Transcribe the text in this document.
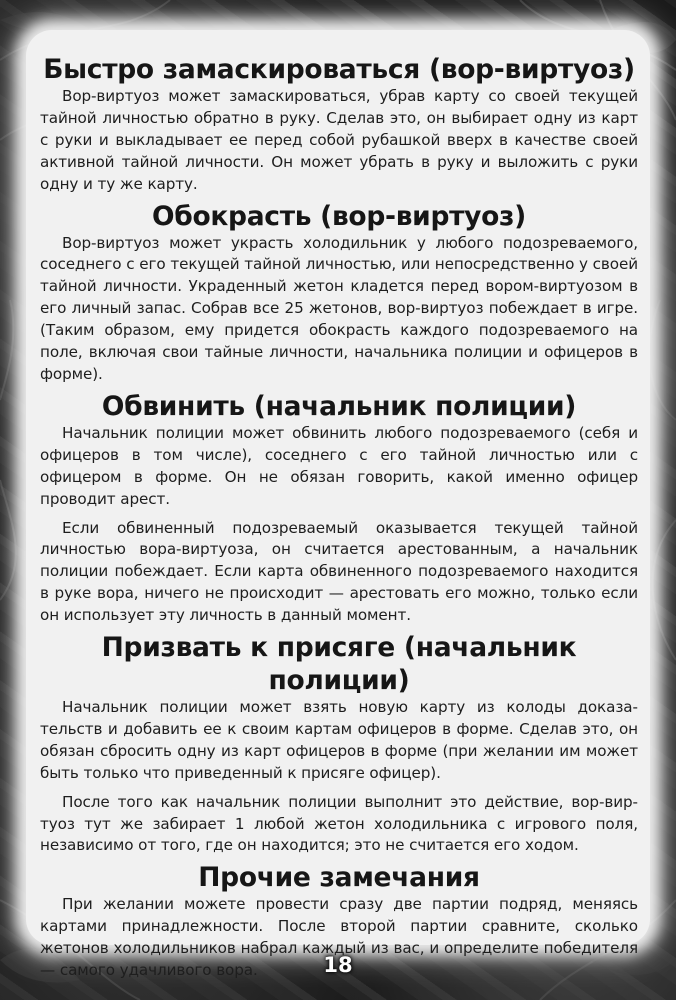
Быстро замаскироваться (вор-виртуоз)

Вор-виртуоз может замаскироваться, убрав карту со своей текущей тайной личностью обратно в руку. Сделав это, он выбирает одну из карт с руки и выкладывает ее перед собой рубашкой вверх в качестве своей активной тайной личности. Он может убрать в руку и выложить с руки одну и ту же карту.

Обокрасть (вор-виртуоз)

Вор-виртуоз может украсть холодильник у любого подозреваемого, соседнего с его текущей тайной личностью, или непосредственно у своей тайной личности. Украденный жетон кладется перед вором-виртуозом в его личный запас. Собрав все 25 жетонов, вор-виртуоз побеждает в игре. (Таким образом, ему придется обокрасть каждого подозреваемого на поле, включая свои тайные личности, начальника полиции и офицеров в форме).

Обвинить (начальник полиции)

Начальник полиции может обвинить любого подозреваемого (себя и офицеров в том числе), соседнего с его тайной личностью или с офицером в форме. Он не обязан говорить, какой именно офицер проводит арест.

Если обвиненный подозреваемый оказывается текущей тайной личностью вора-виртуоза, он считается арестованным, а начальник полиции побеждает. Если карта обвиненного подозреваемого находится в руке вора, ничего не происходит — арестовать его можно, только если он использует эту личность в данный момент.

Призвать к присяге (начальник полиции)

Начальник полиции может взять новую карту из колоды доказательств и добавить ее к своим картам офицеров в форме. Сделав это, он обязан сбросить одну из карт офицеров в форме (при желании им может быть только что приведенный к присяге офицер).

После того как начальник полиции выполнит это действие, вор-виртуоз тут же забирает 1 любой жетон холодильника с игрового поля, независимо от того, где он находится; это не считается его ходом.

Прочие замечания

При желании можете провести сразу две партии подряд, меняясь картами принадлежности. После второй партии сравните, сколько жетонов холодильников набрал каждый из вас, и определите победителя — самого удачливого вора.	18
